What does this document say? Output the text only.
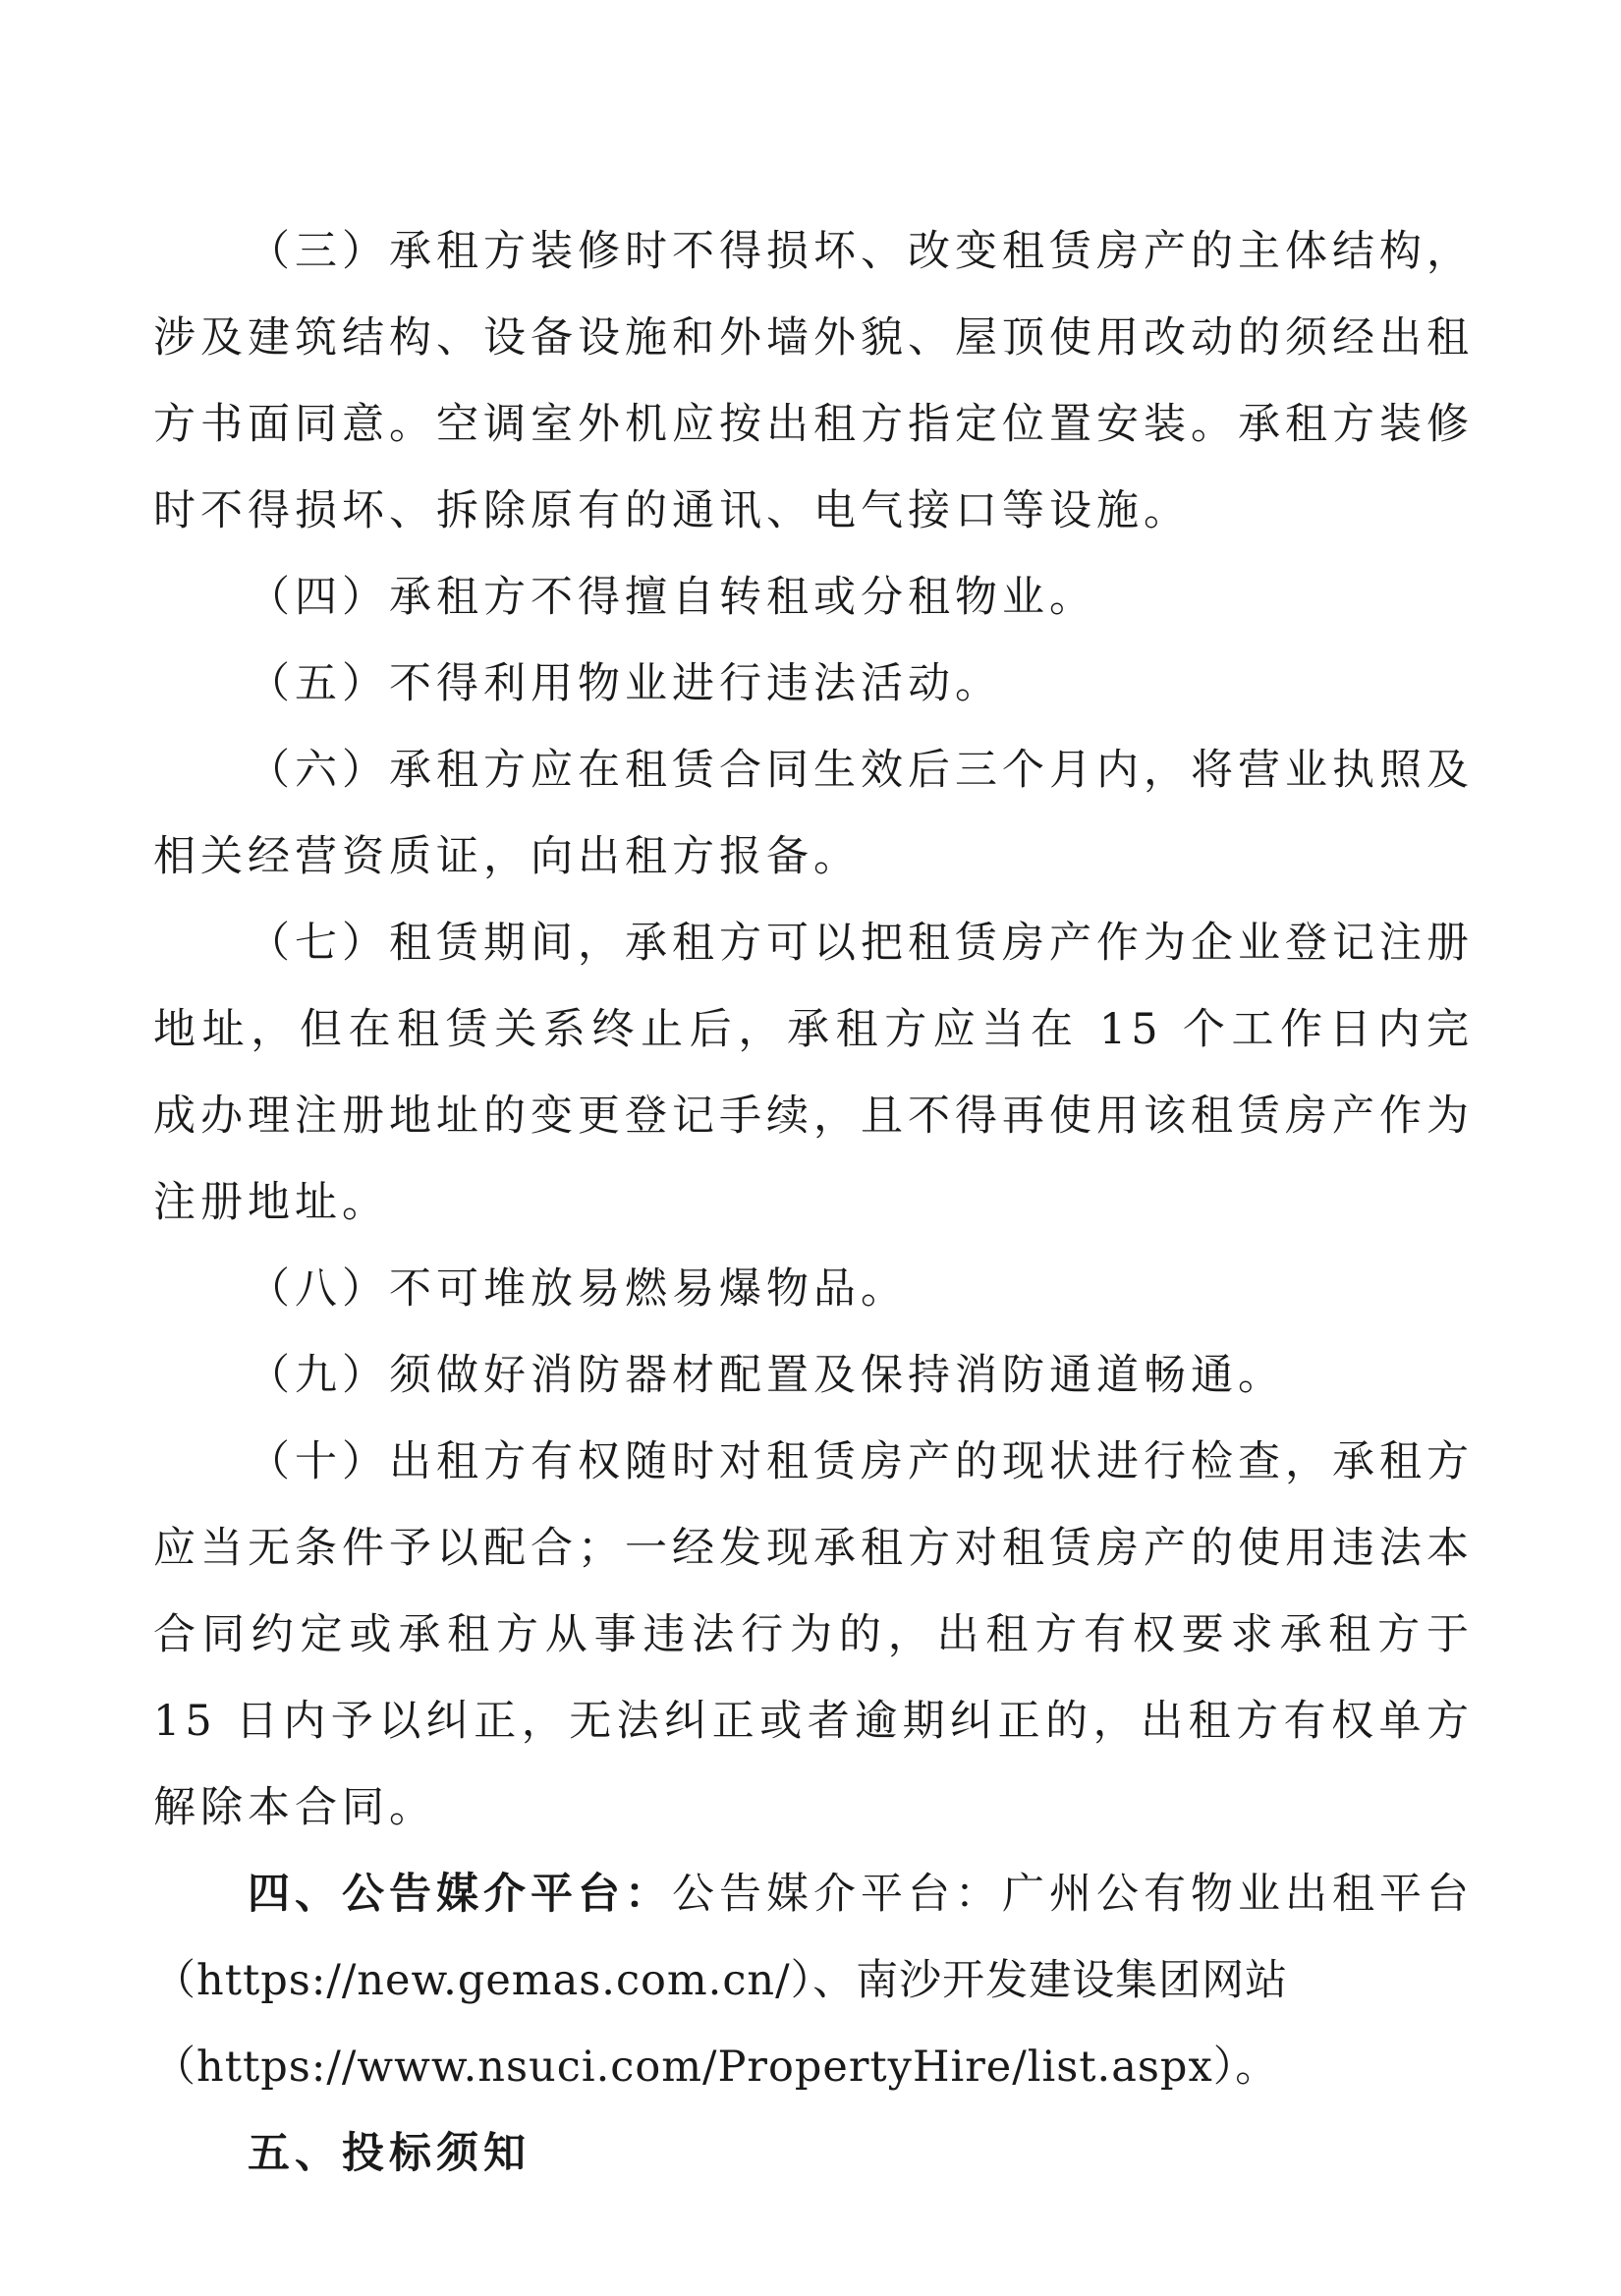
（三）承租方装修时不得损坏、改变租赁房产的主体结构，涉及建筑结构、设备设施和外墙外貌、屋顶使用改动的须经出租方书面同意。空调室外机应按出租方指定位置安装。承租方装修时不得损坏、拆除原有的通讯、电气接口等设施。

（四）承租方不得擅自转租或分租物业。

（五）不得利用物业进行违法活动。

（六）承租方应在租赁合同生效后三个月内，将营业执照及相关经营资质证，向出租方报备。

（七）租赁期间，承租方可以把租赁房产作为企业登记注册地址，但在租赁关系终止后，承租方应当在 15 个工作日内完成办理注册地址的变更登记手续，且不得再使用该租赁房产作为注册地址。

（八）不可堆放易燃易爆物品。

（九）须做好消防器材配置及保持消防通道畅通。

（十）出租方有权随时对租赁房产的现状进行检查，承租方应当无条件予以配合；一经发现承租方对租赁房产的使用违法本合同约定或承租方从事违法行为的，出租方有权要求承租方于 15 日内予以纠正，无法纠正或者逾期纠正的，出租方有权单方解除本合同。

四、公告媒介平台：公告媒介平台：广州公有物业出租平台

（https://new.gemas.com.cn/）、南沙开发建设集团网站

（https://www.nsuci.com/PropertyHire/list.aspx）。

五、投标须知
